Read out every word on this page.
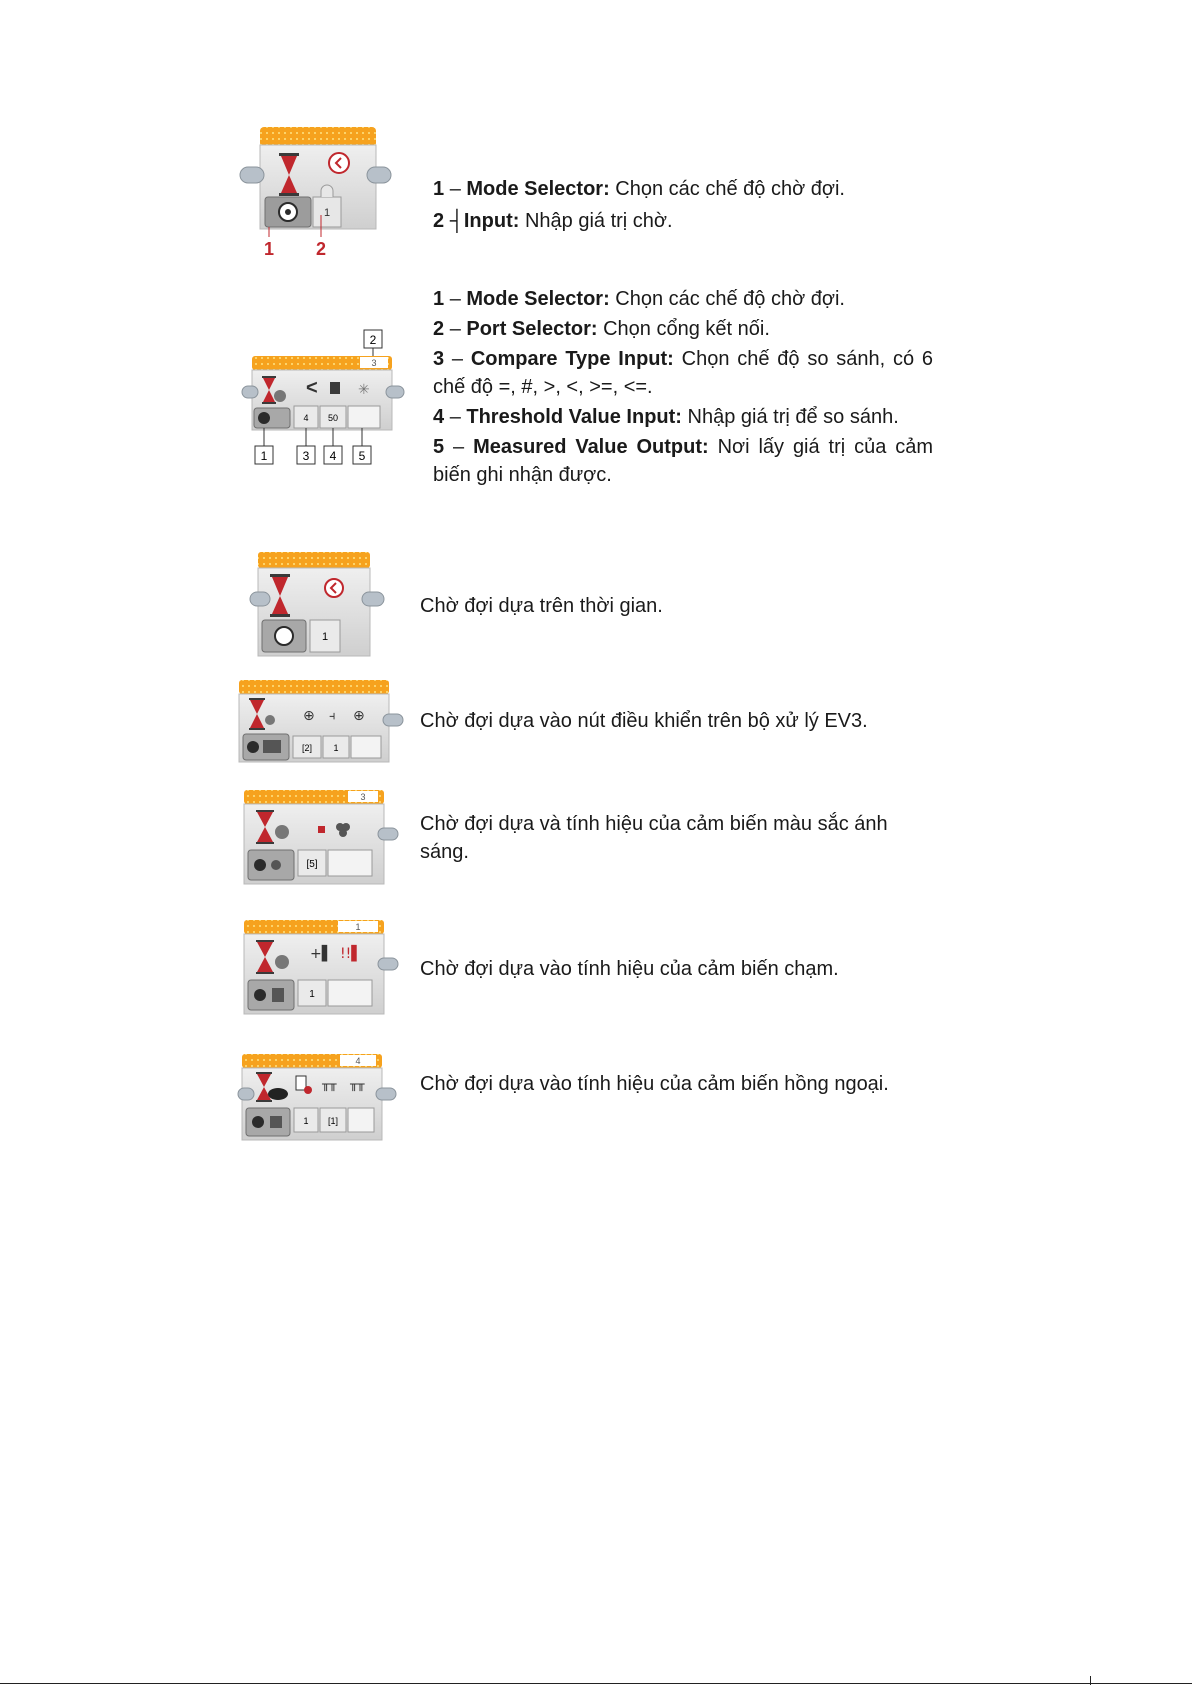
1
1 2

1 – Mode Selector: Chọn các chế độ chờ đợi.

2 ┤Input: Nhập giá trị chờ.

2
3
<	✳
4 50
1	3 4 5

1 – Mode Selector: Chọn các chế độ chờ đợi.

2 – Port Selector: Chọn cổng kết nối.

3 – Compare Type Input: Chọn chế độ so sánh, có 6 chế độ =, #, >, <, >=, <=.

4 – Threshold Value Input: Nhập giá trị để so sánh.

5 – Measured Value Output: Nơi lấy giá trị của cảm biến ghi nhận được.

1
Chờ đợi dựa trên thời gian.
⊕ ⫞ ⊕
[2] 1
Chờ đợi dựa vào nút điều khiển trên bộ xử lý EV3.
3
[5]
Chờ đợi dựa và tính hiệu của cảm biến màu sắc ánh sáng.
1
+▌ !!▌
1
Chờ đợi dựa vào tính hiệu của cảm biến chạm.
4
╥╥ ╥╥
1 [1]
Chờ đợi dựa vào tính hiệu của cảm biến hồng ngoại.
